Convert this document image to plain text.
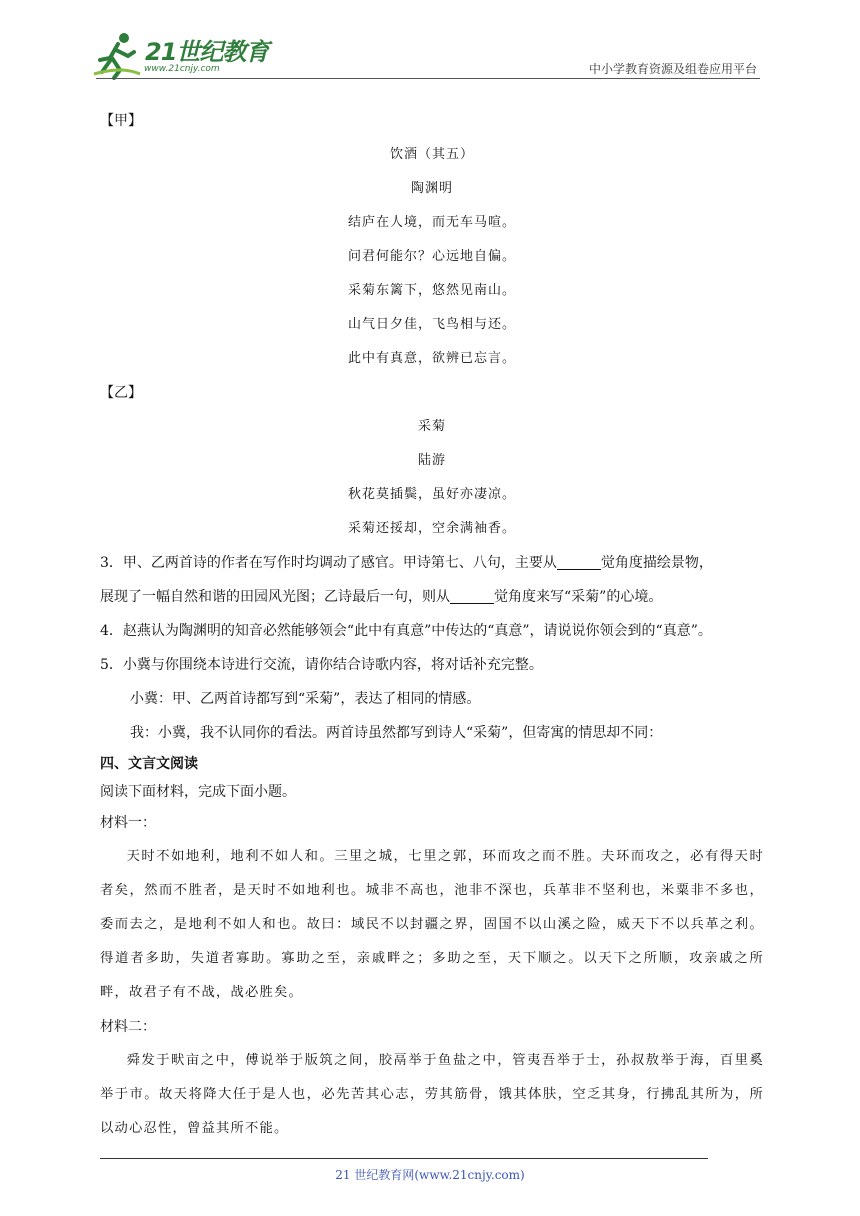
21世纪教育
www.21cnjy.com	中小学教育资源及组卷应用平台
【甲】
饮酒（其五）
陶渊明
结庐在人境，而无车马喧。
问君何能尔？心远地自偏。
采菊东篱下，悠然见南山。
山气日夕佳，飞鸟相与还。
此中有真意，欲辨已忘言。
【乙】
采菊
陆游
秋花莫插鬓，虽好亦凄凉。
采菊还挼却，空余满袖香。
3．甲、乙两首诗的作者在写作时均调动了感官。甲诗第七、八句，主要从	觉角度描绘景物，
展现了一幅自然和谐的田园风光图；乙诗最后一句，则从	觉角度来写“采菊”的心境。
4．赵燕认为陶渊明的知音必然能够领会“此中有真意”中传达的“真意”，请说说你领会到的“真意”。
5．小冀与你围绕本诗进行交流，请你结合诗歌内容，将对话补充完整。
小冀：甲、乙两首诗都写到“采菊”，表达了相同的情感。
我：小冀，我不认同你的看法。两首诗虽然都写到诗人“采菊”，但寄寓的情思却不同：
四、文言文阅读
阅读下面材料，完成下面小题。
材料一：

天时不如地利，地利不如人和。三里之城，七里之郭，环而攻之而不胜。夫环而攻之，必有得天时者矣，然而不胜者，是天时不如地利也。城非不高也，池非不深也，兵革非不坚利也，米粟非不多也，委而去之，是地利不如人和也。故曰：域民不以封疆之界，固国不以山溪之险，威天下不以兵革之利。得道者多助，失道者寡助。寡助之至，亲戚畔之；多助之至，天下顺之。以天下之所顺，攻亲戚之所畔，故君子有不战，战必胜矣。

材料二：

舜发于畎亩之中，傅说举于版筑之间，胶鬲举于鱼盐之中，管夷吾举于士，孙叔敖举于海，百里奚举于市。故天将降大任于是人也，必先苦其心志，劳其筋骨，饿其体肤，空乏其身，行拂乱其所为，所以动心忍性，曾益其所不能。

21 世纪教育网(www.21cnjy.com)
